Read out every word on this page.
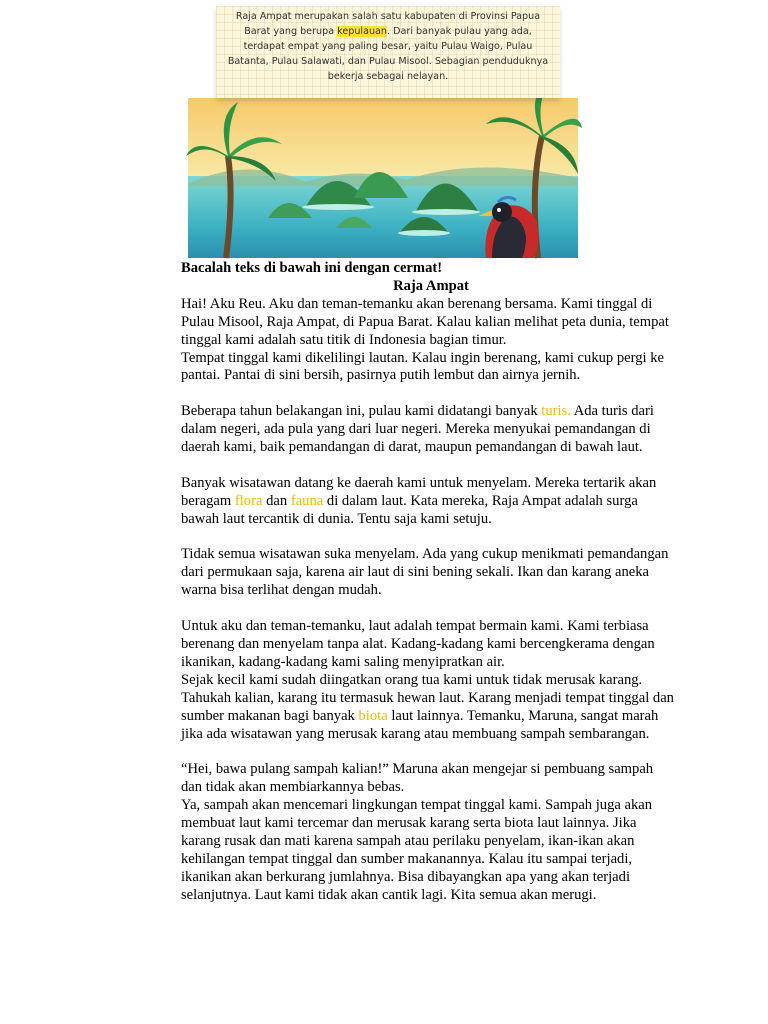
Raja Ampat merupakan salah satu kabupaten di Provinsi Papua Barat yang berupa kepulauan. Dari banyak pulau yang ada, terdapat empat yang paling besar, yaitu Pulau Waigo, Pulau Batanta, Pulau Salawati, dan Pulau Misool. Sebagian penduduknya bekerja sebagai nelayan.

Bacalah teks di bawah ini dengan cermat!

Raja Ampat

Hai! Aku Reu. Aku dan teman-temanku akan berenang bersama. Kami tinggal di Pulau Misool, Raja Ampat, di Papua Barat. Kalau kalian melihat peta dunia, tempat tinggal kami adalah satu titik di Indonesia bagian timur.

Tempat tinggal kami dikelilingi lautan. Kalau ingin berenang, kami cukup pergi ke pantai. Pantai di sini bersih, pasirnya putih lembut dan airnya jernih.

Beberapa tahun belakangan ini, pulau kami didatangi banyak turis. Ada turis dari dalam negeri, ada pula yang dari luar negeri. Mereka menyukai pemandangan di daerah kami, baik pemandangan di darat, maupun pemandangan di bawah laut.

Banyak wisatawan datang ke daerah kami untuk menyelam. Mereka tertarik akan beragam flora dan fauna di dalam laut. Kata mereka, Raja Ampat adalah surga bawah laut tercantik di dunia. Tentu saja kami setuju.

Tidak semua wisatawan suka menyelam. Ada yang cukup menikmati pemandangan dari permukaan saja, karena air laut di sini bening sekali. Ikan dan karang aneka warna bisa terlihat dengan mudah.

Untuk aku dan teman-temanku, laut adalah tempat bermain kami. Kami terbiasa berenang dan menyelam tanpa alat. Kadang-kadang kami bercengkerama dengan ikanikan, kadang-kadang kami saling menyipratkan air.

Sejak kecil kami sudah diingatkan orang tua kami untuk tidak merusak karang. Tahukah kalian, karang itu termasuk hewan laut. Karang menjadi tempat tinggal dan sumber makanan bagi banyak biota laut lainnya. Temanku, Maruna, sangat marah jika ada wisatawan yang merusak karang atau membuang sampah sembarangan.

“Hei, bawa pulang sampah kalian!” Maruna akan mengejar si pembuang sampah dan tidak akan membiarkannya bebas.

Ya, sampah akan mencemari lingkungan tempat tinggal kami. Sampah juga akan membuat laut kami tercemar dan merusak karang serta biota laut lainnya. Jika karang rusak dan mati karena sampah atau perilaku penyelam, ikan-ikan akan kehilangan tempat tinggal dan sumber makanannya. Kalau itu sampai terjadi, ikanikan akan berkurang jumlahnya. Bisa dibayangkan apa yang akan terjadi selanjutnya. Laut kami tidak akan cantik lagi. Kita semua akan merugi.
